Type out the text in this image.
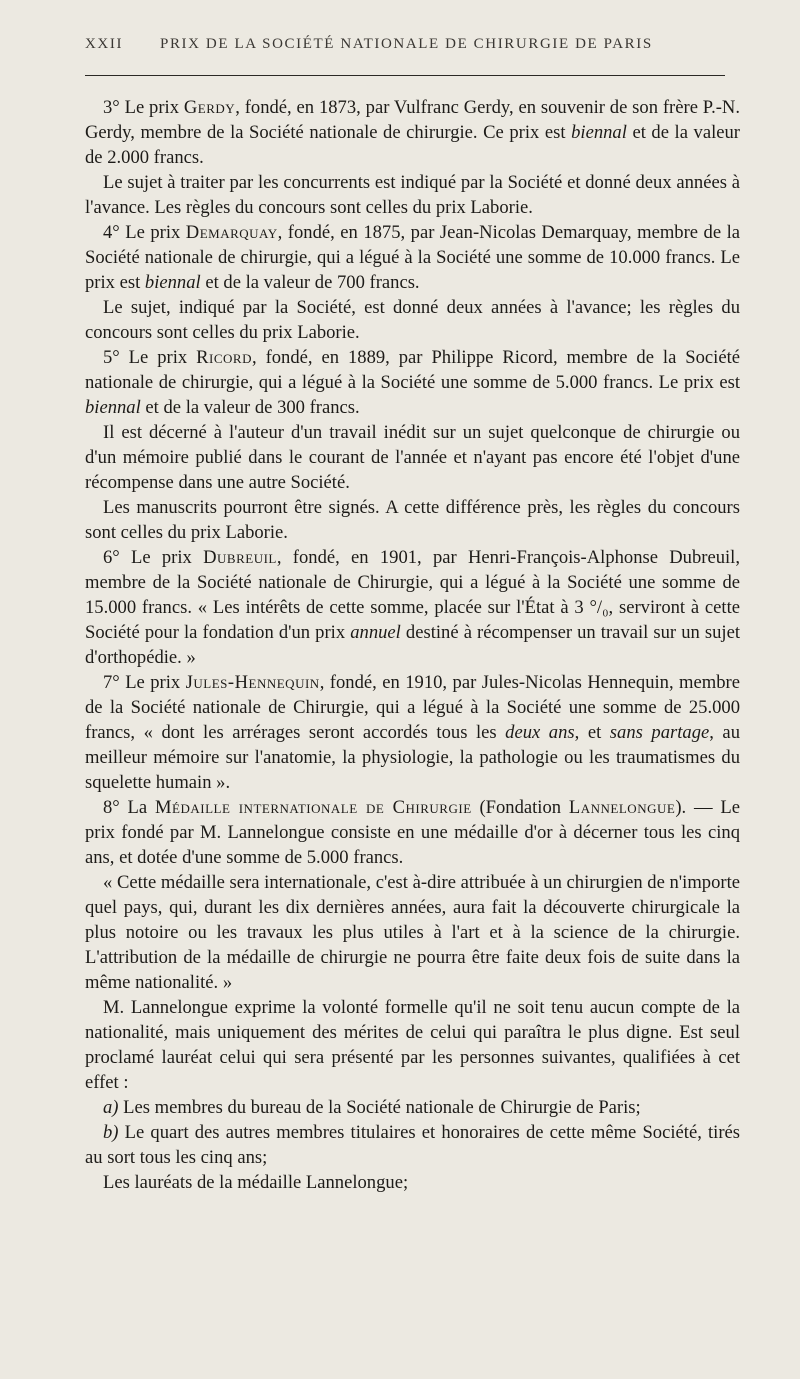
XXII PRIX DE LA SOCIÉTÉ NATIONALE DE CHIRURGIE DE PARIS

3° Le prix Gerdy, fondé, en 1873, par Vulfranc Gerdy, en souvenir de son frère P.-N. Gerdy, membre de la Société nationale de chirurgie. Ce prix est biennal et de la valeur de 2.000 francs.

Le sujet à traiter par les concurrents est indiqué par la Société et donné deux années à l'avance. Les règles du concours sont celles du prix Laborie.

4° Le prix Demarquay, fondé, en 1875, par Jean-Nicolas Demarquay, membre de la Société nationale de chirurgie, qui a légué à la Société une somme de 10.000 francs. Le prix est biennal et de la valeur de 700 francs.

Le sujet, indiqué par la Société, est donné deux années à l'avance; les règles du concours sont celles du prix Laborie.

5° Le prix Ricord, fondé, en 1889, par Philippe Ricord, membre de la Société nationale de chirurgie, qui a légué à la Société une somme de 5.000 francs. Le prix est biennal et de la valeur de 300 francs.

Il est décerné à l'auteur d'un travail inédit sur un sujet quelconque de chirurgie ou d'un mémoire publié dans le courant de l'année et n'ayant pas encore été l'objet d'une récompense dans une autre Société.

Les manuscrits pourront être signés. A cette différence près, les règles du concours sont celles du prix Laborie.

6° Le prix Dubreuil, fondé, en 1901, par Henri-François-Alphonse Dubreuil, membre de la Société nationale de Chirurgie, qui a légué à la Société une somme de 15.000 francs. « Les intérêts de cette somme, placée sur l'État à 3 °/₀, serviront à cette Société pour la fondation d'un prix annuel destiné à récompenser un travail sur un sujet d'orthopédie. »

7° Le prix Jules-Hennequin, fondé, en 1910, par Jules-Nicolas Hennequin, membre de la Société nationale de Chirurgie, qui a légué à la Société une somme de 25.000 francs, « dont les arrérages seront accordés tous les deux ans, et sans partage, au meilleur mémoire sur l'anatomie, la physiologie, la pathologie ou les traumatismes du squelette humain ».

8° La Médaille internationale de Chirurgie (Fondation Lannelongue). — Le prix fondé par M. Lannelongue consiste en une médaille d'or à décerner tous les cinq ans, et dotée d'une somme de 5.000 francs.

« Cette médaille sera internationale, c'est à-dire attribuée à un chirurgien de n'importe quel pays, qui, durant les dix dernières années, aura fait la découverte chirurgicale la plus notoire ou les travaux les plus utiles à l'art et à la science de la chirurgie. L'attribution de la médaille de chirurgie ne pourra être faite deux fois de suite dans la même nationalité. »

M. Lannelongue exprime la volonté formelle qu'il ne soit tenu aucun compte de la nationalité, mais uniquement des mérites de celui qui paraîtra le plus digne. Est seul proclamé lauréat celui qui sera présenté par les personnes suivantes, qualifiées à cet effet :

a) Les membres du bureau de la Société nationale de Chirurgie de Paris;

b) Le quart des autres membres titulaires et honoraires de cette même Société, tirés au sort tous les cinq ans;

Les lauréats de la médaille Lannelongue;
